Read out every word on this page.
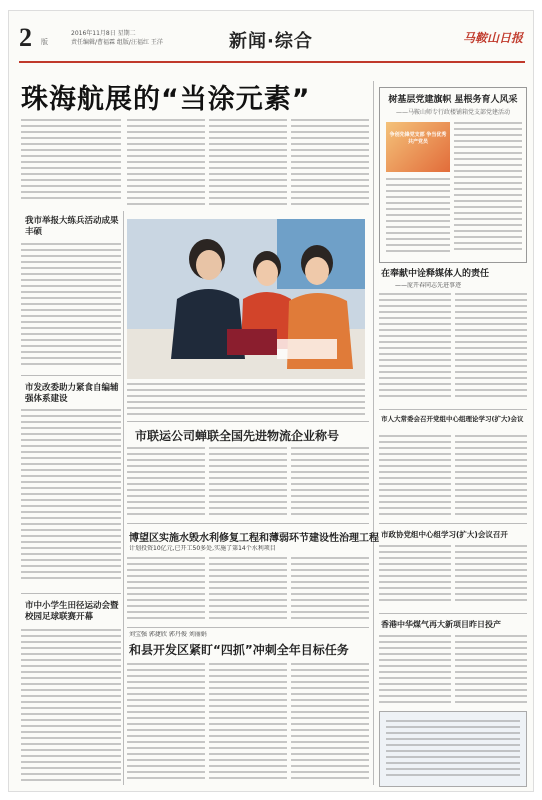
2 版
2016年11月8日 星期二
责任编辑/曹福霖 组版/汪福红 王洋	新闻·综合	马鞍山日报
珠海航展的“当涂元素”
我市举报大练兵活动成果丰硕
市发改委助力紧食自编辅强体系建设
市中小学生田径运动会暨校园足球联赛开幕
市联运公司蝉联全国先进物流企业称号
博望区实施水毁水利修复工程和薄弱环节建设性治理工程
计划投资10亿元,已开工50多处,实施了第14个水利项目
刘宝强 郭捷欣 郭丹俊 刘丽娟
和县开发区紧盯“四抓”冲刺全年目标任务
树基层党建旗帜 星根务育人风采
——马鞍山师专行政楼铺箱党支部党建活动
争创先锋党支部 争当优秀共产党员
在奉献中诠释媒体人的责任
——庞开春同志先进事迹
市人大常委会召开党组中心组理论学习(扩大)会议
市政协党组中心组学习(扩大)会议召开
香港中华煤气再大新项目昨日投产
